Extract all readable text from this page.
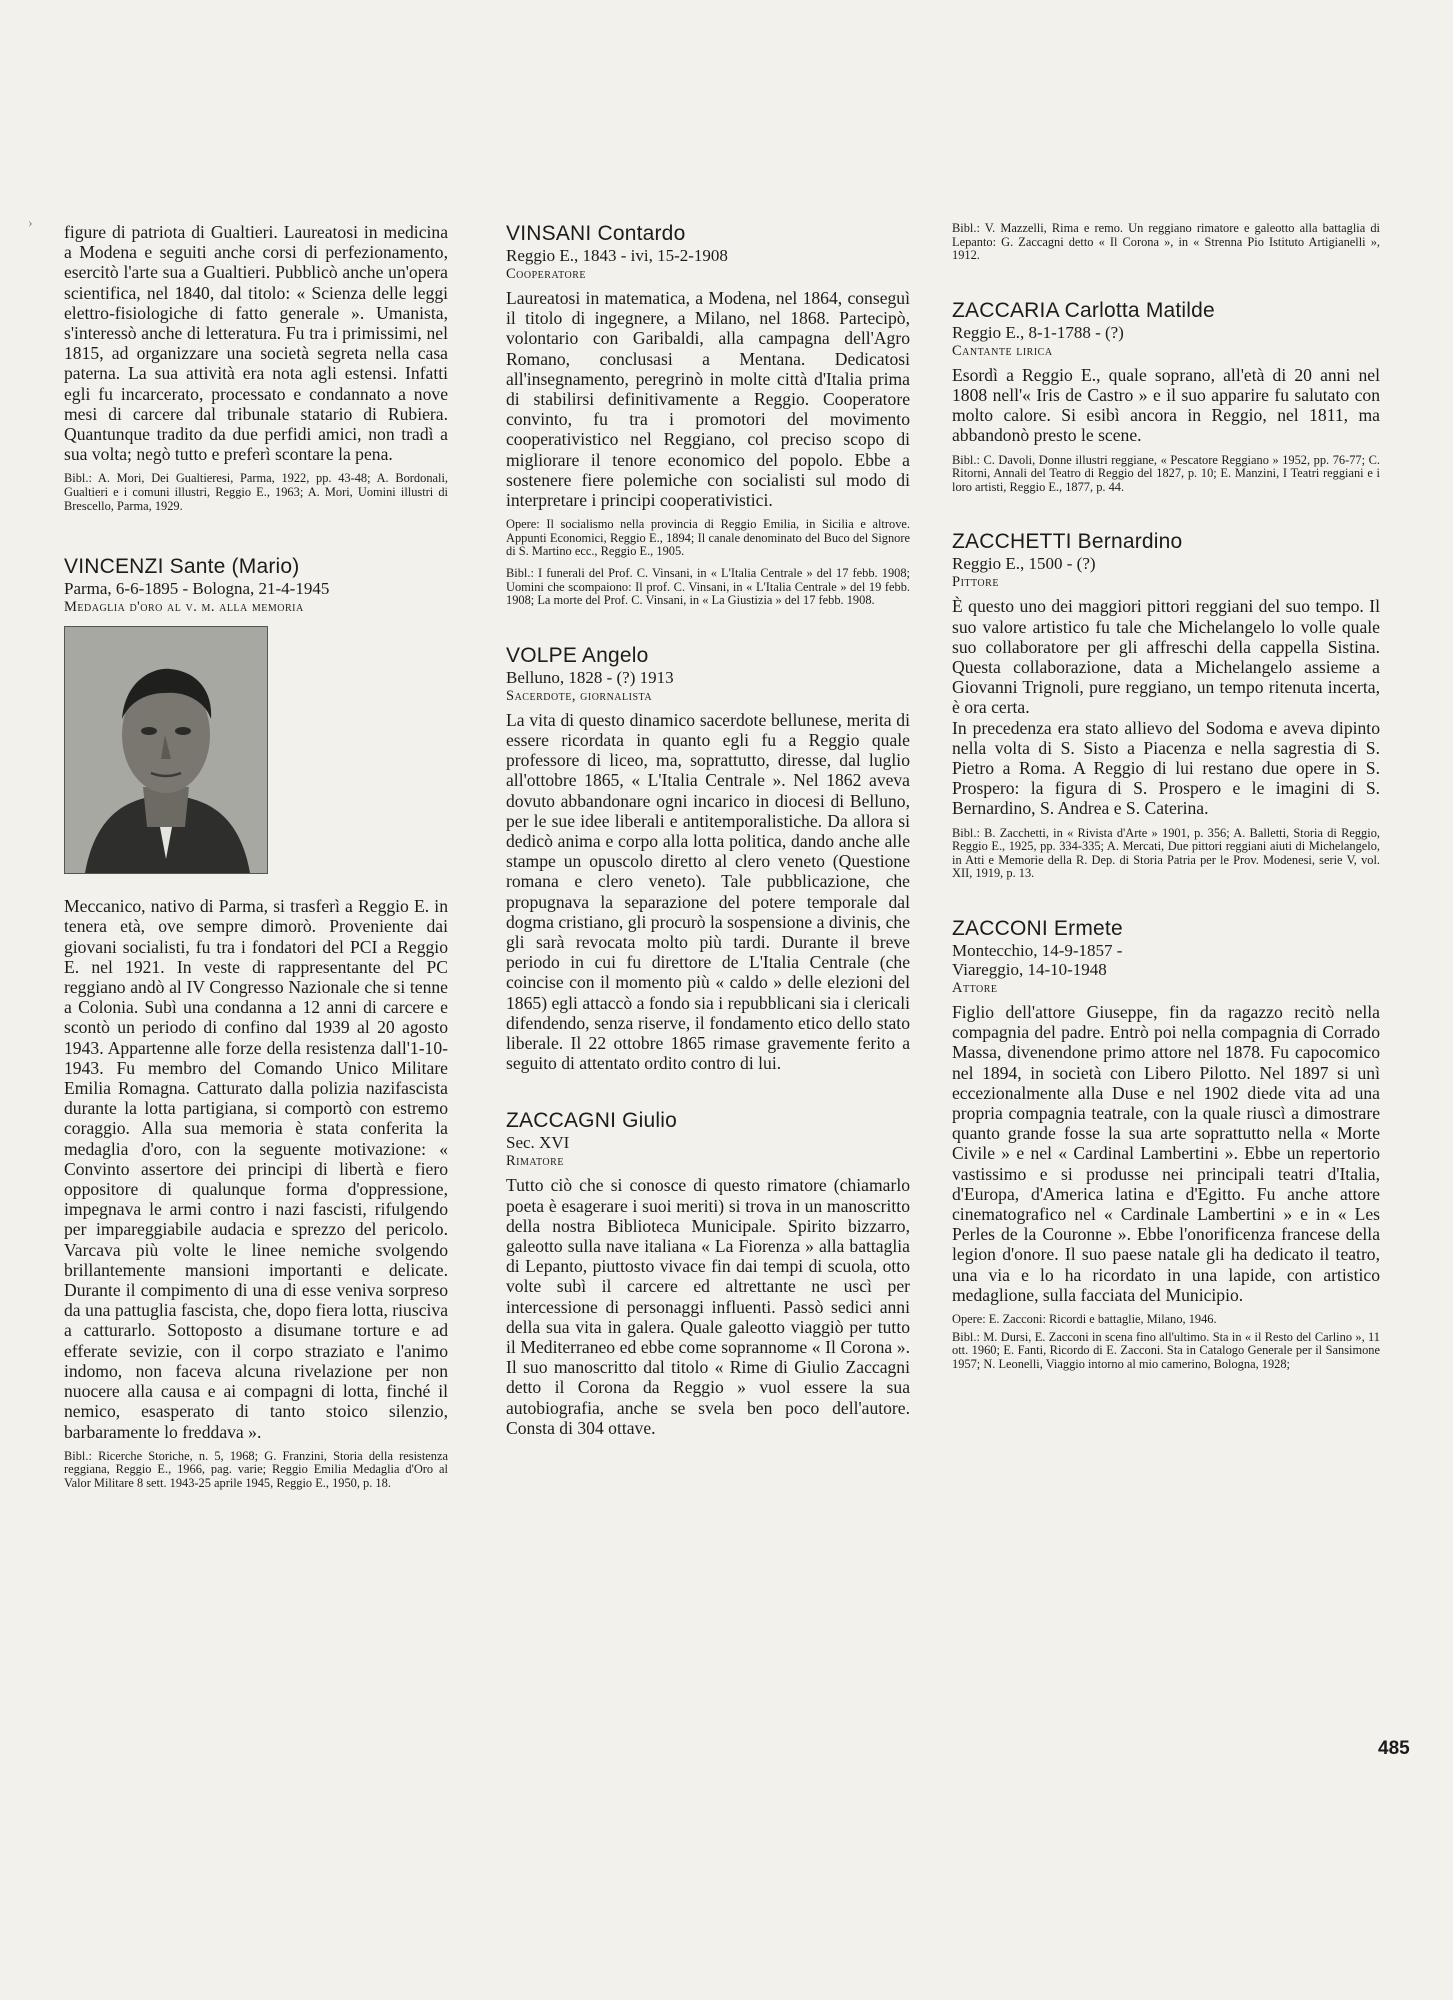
› figure di patriota di Gualtieri. Laureatosi in medicina a Modena e seguiti anche corsi di perfezionamento, esercitò l'arte sua a Gualtieri. Pubblicò anche un'opera scientifica, nel 1840, dal titolo: « Scienza delle leggi elettro-fisiologiche di fatto generale ». Umanista, s'interessò anche di letteratura. Fu tra i primissimi, nel 1815, ad organizzare una società segreta nella casa paterna. La sua attività era nota agli estensi. Infatti egli fu incarcerato, processato e condannato a nove mesi di carcere dal tribunale statario di Rubiera. Quantunque tradito da due perfidi amici, non tradì a sua volta; negò tutto e preferì scontare la pena.

Bibl.: A. Mori, Dei Gualtieresi, Parma, 1922, pp. 43-48; A. Bordonali, Gualtieri e i comuni illustri, Reggio E., 1963; A. Mori, Uomini illustri di Brescello, Parma, 1929.

VINCENZI Sante (Mario)
Parma, 6-6-1895 - Bologna, 21-4-1945
Medaglia d'oro al v. m. alla memoria

Meccanico, nativo di Parma, si trasferì a Reggio E. in tenera età, ove sempre dimorò. Proveniente dai giovani socialisti, fu tra i fondatori del PCI a Reggio E. nel 1921. In veste di rappresentante del PC reggiano andò al IV Congresso Nazionale che si tenne a Colonia. Subì una condanna a 12 anni di carcere e scontò un periodo di confino dal 1939 al 20 agosto 1943. Appartenne alle forze della resistenza dall'1-10-1943. Fu membro del Comando Unico Militare Emilia Romagna. Catturato dalla polizia nazifascista durante la lotta partigiana, si comportò con estremo coraggio. Alla sua memoria è stata conferita la medaglia d'oro, con la seguente motivazione: « Convinto assertore dei principi di libertà e fiero oppositore di qualunque forma d'oppressione, impegnava le armi contro i nazi fascisti, rifulgendo per impareggiabile audacia e sprezzo del pericolo. Varcava più volte le linee nemiche svolgendo brillantemente mansioni importanti e delicate. Durante il compimento di una di esse veniva sorpreso da una pattuglia fascista, che, dopo fiera lotta, riusciva a catturarlo. Sottoposto a disumane torture e ad efferate sevizie, con il corpo straziato e l'animo indomo, non faceva alcuna rivelazione per non nuocere alla causa e ai compagni di lotta, finché il nemico, esasperato di tanto stoico silenzio, barbaramente lo freddava ».

Bibl.: Ricerche Storiche, n. 5, 1968; G. Franzini, Storia della resistenza reggiana, Reggio E., 1966, pag. varie; Reggio Emilia Medaglia d'Oro al Valor Militare 8 sett. 1943-25 aprile 1945, Reggio E., 1950, p. 18.

VINSANI Contardo
Reggio E., 1843 - ivi, 15-2-1908
Cooperatore

Laureatosi in matematica, a Modena, nel 1864, conseguì il titolo di ingegnere, a Milano, nel 1868. Partecipò, volontario con Garibaldi, alla campagna dell'Agro Romano, conclusasi a Mentana. Dedicatosi all'insegnamento, peregrinò in molte città d'Italia prima di stabilirsi definitivamente a Reggio. Cooperatore convinto, fu tra i promotori del movimento cooperativistico nel Reggiano, col preciso scopo di migliorare il tenore economico del popolo. Ebbe a sostenere fiere polemiche con socialisti sul modo di interpretare i principi cooperativistici.

Opere: Il socialismo nella provincia di Reggio Emilia, in Sicilia e altrove. Appunti Economici, Reggio E., 1894; Il canale denominato del Buco del Signore di S. Martino ecc., Reggio E., 1905.

Bibl.: I funerali del Prof. C. Vinsani, in « L'Italia Centrale » del 17 febb. 1908; Uomini che scompaiono: Il prof. C. Vinsani, in « L'Italia Centrale » del 19 febb. 1908; La morte del Prof. C. Vinsani, in « La Giustizia » del 17 febb. 1908.

VOLPE Angelo
Belluno, 1828 - (?) 1913
Sacerdote, giornalista

La vita di questo dinamico sacerdote bellunese, merita di essere ricordata in quanto egli fu a Reggio quale professore di liceo, ma, soprattutto, diresse, dal luglio all'ottobre 1865, « L'Italia Centrale ». Nel 1862 aveva dovuto abbandonare ogni incarico in diocesi di Belluno, per le sue idee liberali e antitemporalistiche. Da allora si dedicò anima e corpo alla lotta politica, dando anche alle stampe un opuscolo diretto al clero veneto (Questione romana e clero veneto). Tale pubblicazione, che propugnava la separazione del potere temporale dal dogma cristiano, gli procurò la sospensione a divinis, che gli sarà revocata molto più tardi. Durante il breve periodo in cui fu direttore de L'Italia Centrale (che coincise con il momento più « caldo » delle elezioni del 1865) egli attaccò a fondo sia i repubblicani sia i clericali difendendo, senza riserve, il fondamento etico dello stato liberale. Il 22 ottobre 1865 rimase gravemente ferito a seguito di attentato ordito contro di lui.

ZACCAGNI Giulio
Sec. XVI
Rimatore

Tutto ciò che si conosce di questo rimatore (chiamarlo poeta è esagerare i suoi meriti) si trova in un manoscritto della nostra Biblioteca Municipale. Spirito bizzarro, galeotto sulla nave italiana « La Fiorenza » alla battaglia di Lepanto, piuttosto vivace fin dai tempi di scuola, otto volte subì il carcere ed altrettante ne uscì per intercessione di personaggi influenti. Passò sedici anni della sua vita in galera. Quale galeotto viaggiò per tutto il Mediterraneo ed ebbe come soprannome « Il Corona ». Il suo manoscritto dal titolo « Rime di Giulio Zaccagni detto il Corona da Reggio » vuol essere la sua autobiografia, anche se svela ben poco dell'autore. Consta di 304 ottave.

Bibl.: V. Mazzelli, Rima e remo. Un reggiano rimatore e galeotto alla battaglia di Lepanto: G. Zaccagni detto « Il Corona », in « Strenna Pio Istituto Artigianelli », 1912.

ZACCARIA Carlotta Matilde
Reggio E., 8-1-1788 - (?)
Cantante lirica

Esordì a Reggio E., quale soprano, all'età di 20 anni nel 1808 nell'« Iris de Castro » e il suo apparire fu salutato con molto calore. Si esibì ancora in Reggio, nel 1811, ma abbandonò presto le scene.

Bibl.: C. Davoli, Donne illustri reggiane, « Pescatore Reggiano » 1952, pp. 76-77; C. Ritorni, Annali del Teatro di Reggio del 1827, p. 10; E. Manzini, I Teatri reggiani e i loro artisti, Reggio E., 1877, p. 44.

ZACCHETTI Bernardino
Reggio E., 1500 - (?)
Pittore

È questo uno dei maggiori pittori reggiani del suo tempo. Il suo valore artistico fu tale che Michelangelo lo volle quale suo collaboratore per gli affreschi della cappella Sistina. Questa collaborazione, data a Michelangelo assieme a Giovanni Trignoli, pure reggiano, un tempo ritenuta incerta, è ora certa.

In precedenza era stato allievo del Sodoma e aveva dipinto nella volta di S. Sisto a Piacenza e nella sagrestia di S. Pietro a Roma. A Reggio di lui restano due opere in S. Prospero: la figura di S. Prospero e le imagini di S. Bernardino, S. Andrea e S. Caterina.

Bibl.: B. Zacchetti, in « Rivista d'Arte » 1901, p. 356; A. Balletti, Storia di Reggio, Reggio E., 1925, pp. 334-335; A. Mercati, Due pittori reggiani aiuti di Michelangelo, in Atti e Memorie della R. Dep. di Storia Patria per le Prov. Modenesi, serie V, vol. XII, 1919, p. 13.

ZACCONI Ermete
Montecchio, 14-9-1857 -
Viareggio, 14-10-1948
Attore

Figlio dell'attore Giuseppe, fin da ragazzo recitò nella compagnia del padre. Entrò poi nella compagnia di Corrado Massa, divenendone primo attore nel 1878. Fu capocomico nel 1894, in società con Libero Pilotto. Nel 1897 si unì eccezionalmente alla Duse e nel 1902 diede vita ad una propria compagnia teatrale, con la quale riuscì a dimostrare quanto grande fosse la sua arte soprattutto nella « Morte Civile » e nel « Cardinal Lambertini ». Ebbe un repertorio vastissimo e si produsse nei principali teatri d'Italia, d'Europa, d'America latina e d'Egitto. Fu anche attore cinematografico nel « Cardinale Lambertini » e in « Les Perles de la Couronne ». Ebbe l'onorificenza francese della legion d'onore. Il suo paese natale gli ha dedicato il teatro, una via e lo ha ricordato in una lapide, con artistico medaglione, sulla facciata del Municipio.

Opere: E. Zacconi: Ricordi e battaglie, Milano, 1946.

Bibl.: M. Dursi, E. Zacconi in scena fino all'ultimo. Sta in « il Resto del Carlino », 11 ott. 1960; E. Fanti, Ricordo di E. Zacconi. Sta in Catalogo Generale per il Sansimone 1957; N. Leonelli, Viaggio intorno al mio camerino, Bologna, 1928;

485
